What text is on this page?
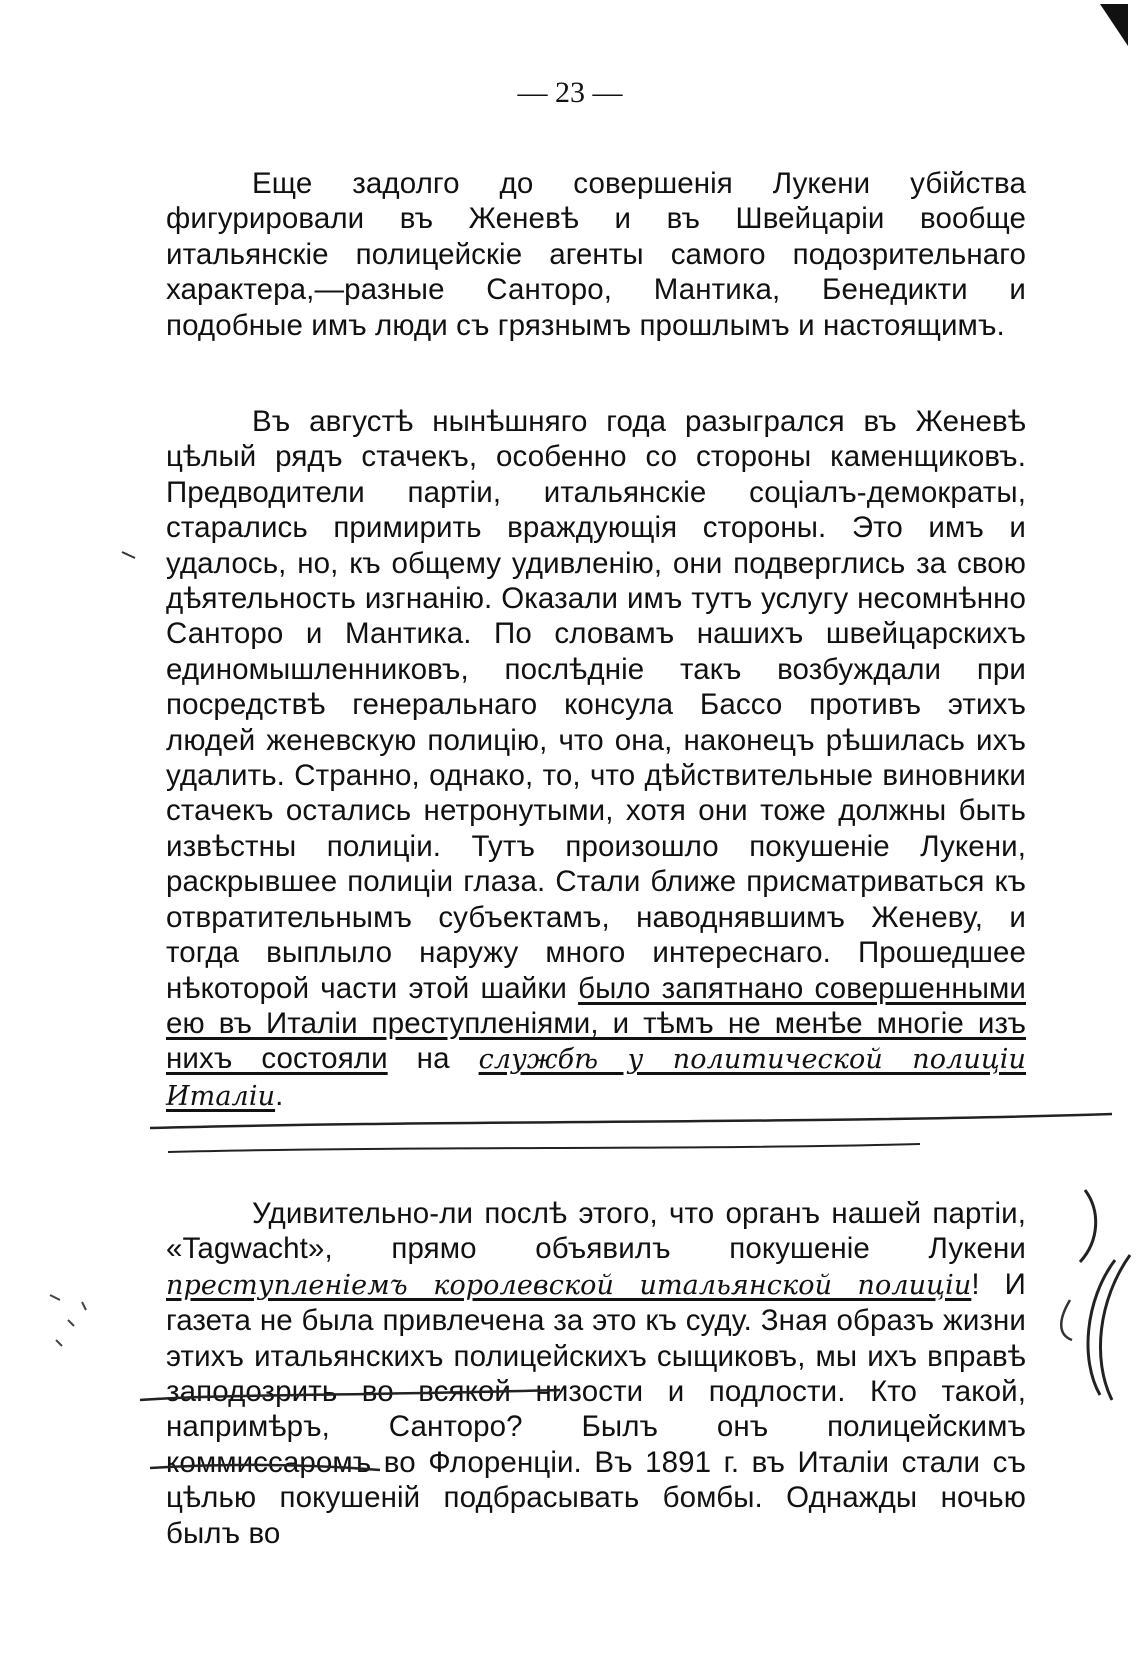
— 23 —

Еще задолго до совершенія Лукени убійства фигурировали въ Женевѣ и въ Швейцаріи вообще итальянскіе полицейскіе агенты самого подозрительнаго характера,—разные Санторо, Мантика, Бенедикти и подобные имъ люди съ грязнымъ прошлымъ и настоящимъ.

Въ августѣ нынѣшняго года разыгрался въ Женевѣ цѣлый рядъ стачекъ, особенно со стороны каменщиковъ. Предводители партіи, итальянскіе соціалъ-демократы, старались примирить враждующія стороны. Это имъ и удалось, но, къ общему удивленію, они подверглись за свою дѣятельность изгнанію. Оказали имъ тутъ услугу несомнѣнно Санторо и Мантика. По словамъ нашихъ швейцарскихъ единомышленниковъ, послѣдніе такъ возбуждали при посредствѣ генеральнаго консула Бассо противъ этихъ людей женевскую полицію, что она, наконецъ рѣшилась ихъ удалить. Странно, однако, то, что дѣйствительные виновники стачекъ остались нетронутыми, хотя они тоже должны быть извѣстны полиціи. Тутъ произошло покушеніе Лукени, раскрывшее полиціи глаза. Стали ближе присматриваться къ отвратительнымъ субъектамъ, наводнявшимъ Женеву, и тогда выплыло наружу много интереснаго. Прошедшее нѣкоторой части этой шайки было запятнано совершенными ею въ Италіи преступленіями, и тѣмъ не менѣе многіе изъ нихъ состояли на службѣ у политической полиціи Италіи.

Удивительно-ли послѣ этого, что органъ нашей партіи, «Tagwacht», прямо объявилъ покушеніе Лукени преступленіемъ королевской итальянской полиціи! И газета не была привлечена за это къ суду. Зная образъ жизни этихъ итальянскихъ полицейскихъ сыщиковъ, мы ихъ вправѣ заподозрить во всякой низости и подлости. Кто такой, напримѣръ, Санторо? Былъ онъ полицейскимъ коммиссаромъ во Флоренціи. Въ 1891 г. въ Италіи стали съ цѣлью покушеній подбрасывать бомбы. Однажды ночью былъ во
